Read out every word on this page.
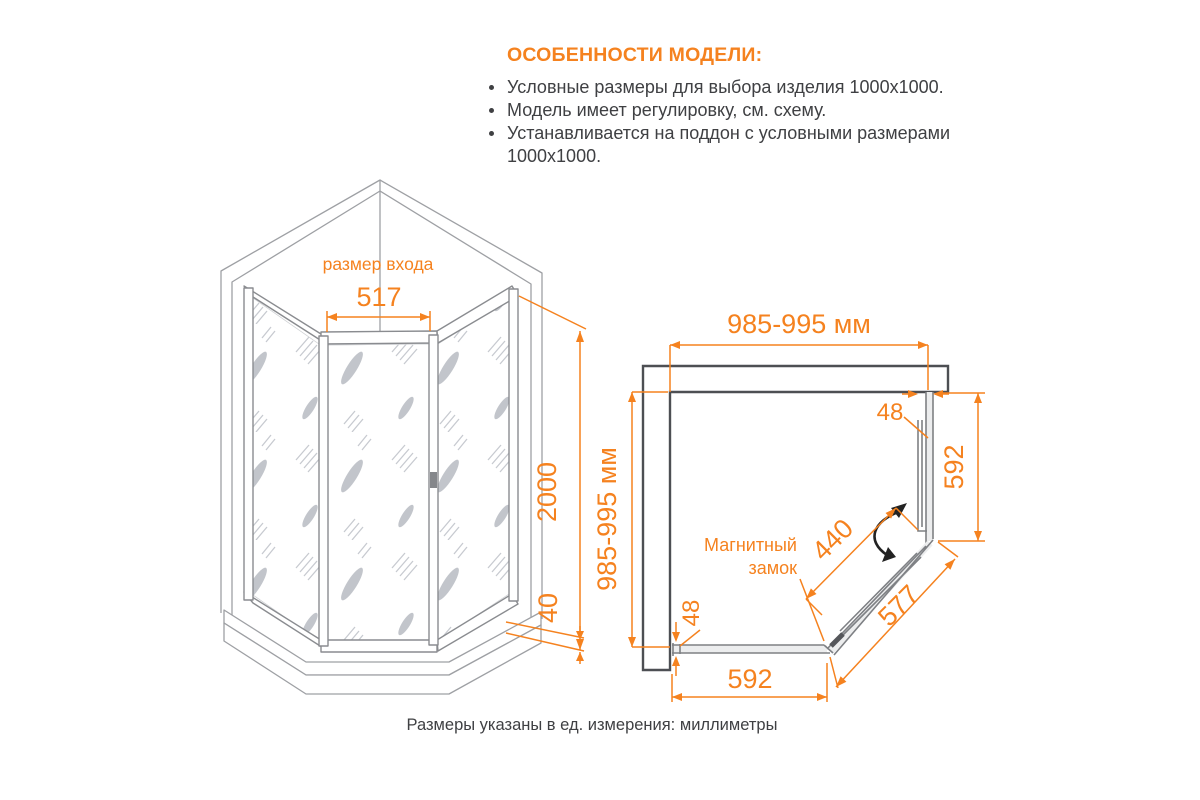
ОСОБЕННОСТИ МОДЕЛИ:
Условные размеры для выбора изделия 1000x1000.
Модель имеет регулировку, см. схему.
Устанавливается на поддон с условными размерами 1000x1000.
размер входа
517
2000
40
985-995 мм
985-995 мм
48
592
440
577
592
48
Магнитный
замок
Размеры указаны в ед. измерения: миллиметры
